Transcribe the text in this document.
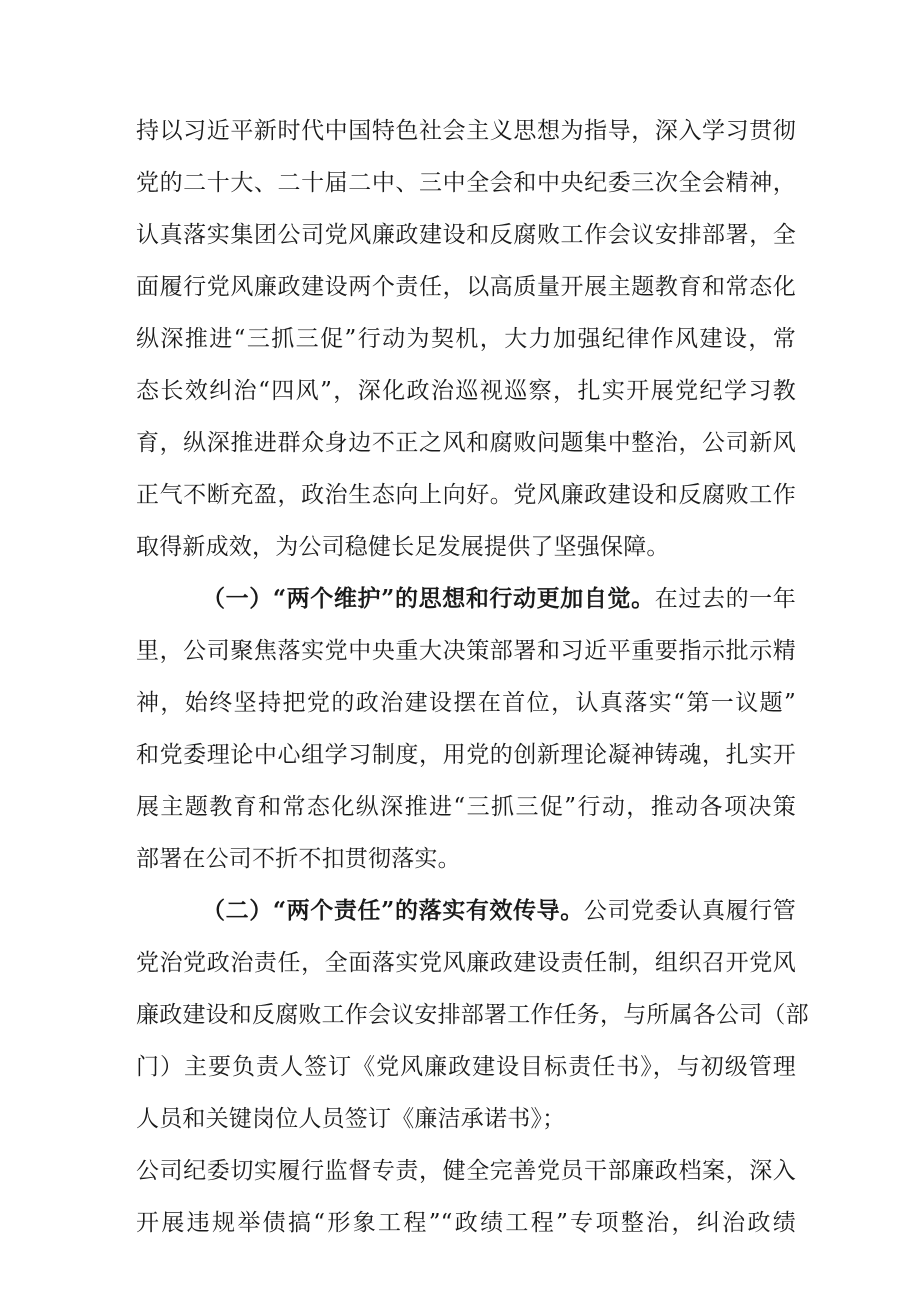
持以习近平新时代中国特色社会主义思想为指导，深入学习贯彻
党的二十大、二十届二中、三中全会和中央纪委三次全会精神，
认真落实集团公司党风廉政建设和反腐败工作会议安排部署，全
面履行党风廉政建设两个责任，以高质量开展主题教育和常态化
纵深推进“三抓三促”行动为契机，大力加强纪律作风建设，常
态长效纠治“四风”，深化政治巡视巡察，扎实开展党纪学习教
育，纵深推进群众身边不正之风和腐败问题集中整治，公司新风
正气不断充盈，政治生态向上向好。党风廉政建设和反腐败工作
取得新成效，为公司稳健长足发展提供了坚强保障。
（一）“两个维护”的思想和行动更加自觉。在过去的一年
里，公司聚焦落实党中央重大决策部署和习近平重要指示批示精
神，始终坚持把党的政治建设摆在首位，认真落实“第一议题”
和党委理论中心组学习制度，用党的创新理论凝神铸魂，扎实开
展主题教育和常态化纵深推进“三抓三促”行动，推动各项决策
部署在公司不折不扣贯彻落实。
（二）“两个责任”的落实有效传导。公司党委认真履行管
党治党政治责任，全面落实党风廉政建设责任制，组织召开党风
廉政建设和反腐败工作会议安排部署工作任务，与所属各公司（部
门）主要负责人签订《党风廉政建设目标责任书》，与初级管理
人员和关键岗位人员签订《廉洁承诺书》；
公司纪委切实履行监督专责，健全完善党员干部廉政档案，深入
开展违规举债搞“形象工程”“政绩工程”专项整治，纠治政绩
